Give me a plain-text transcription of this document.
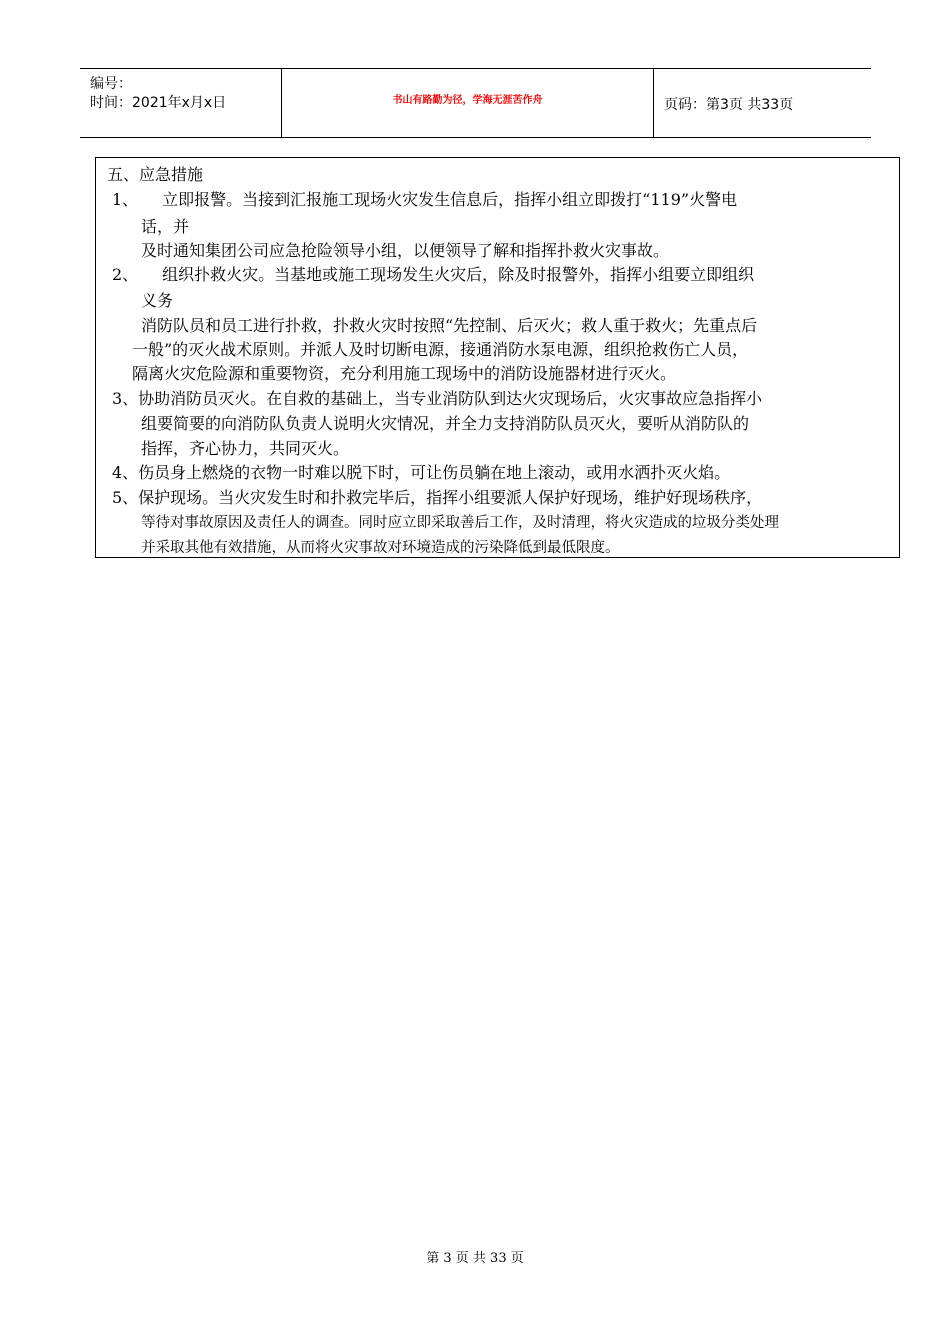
编号：
时间：2021年x月x日	书山有路勤为径，学海无涯苦作舟	页码：第3页 共33页
五、应急措施
1、　　立即报警。当接到汇报施工现场火灾发生信息后，指挥小组立即拨打“119”火警电
话，并
及时通知集团公司应急抢险领导小组，以便领导了解和指挥扑救火灾事故。
2、　　组织扑救火灾。当基地或施工现场发生火灾后，除及时报警外，指挥小组要立即组织
义务
消防队员和员工进行扑救，扑救火灾时按照“先控制、后灭火；救人重于救火；先重点后
一般”的灭火战术原则。并派人及时切断电源，接通消防水泵电源，组织抢救伤亡人员，
隔离火灾危险源和重要物资，充分利用施工现场中的消防设施器材进行灭火。
3、协助消防员灭火。在自救的基础上，当专业消防队到达火灾现场后，火灾事故应急指挥小
组要简要的向消防队负责人说明火灾情况，并全力支持消防队员灭火，要听从消防队的
指挥，齐心协力，共同灭火。
4、伤员身上燃烧的衣物一时难以脱下时，可让伤员躺在地上滚动，或用水洒扑灭火焰。
5、保护现场。当火灾发生时和扑救完毕后，指挥小组要派人保护好现场，维护好现场秩序，
等待对事故原因及责任人的调查。同时应立即采取善后工作，及时清理，将火灾造成的垃圾分类处理
并采取其他有效措施，从而将火灾事故对环境造成的污染降低到最低限度。
第 3 页 共 33 页
